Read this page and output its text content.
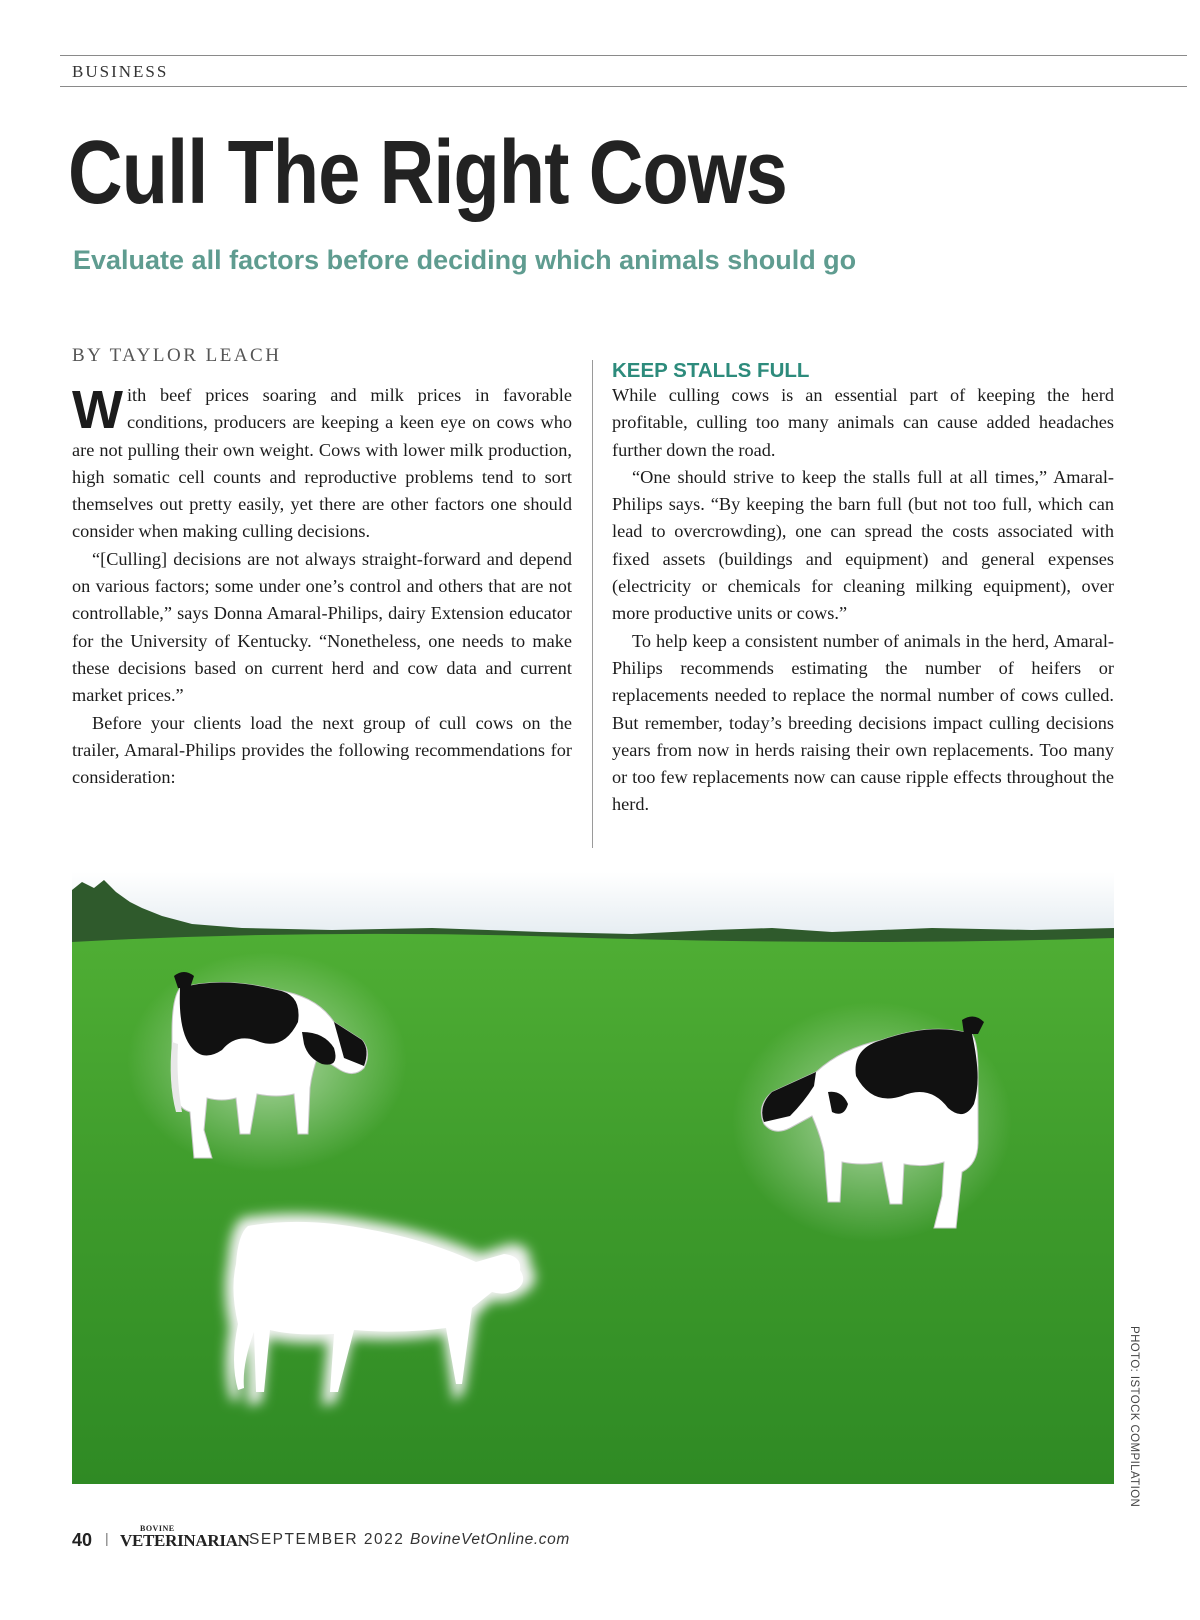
BUSINESS
Cull The Right Cows
Evaluate all factors before deciding which animals should go
BY TAYLOR LEACH

With beef prices soaring and milk prices in favorable conditions, producers are keeping a keen eye on cows who are not pulling their own weight. Cows with lower milk production, high somatic cell counts and reproductive problems tend to sort themselves out pretty easily, yet there are other factors one should consider when making culling decisions.

“[Culling] decisions are not always straight-forward and depend on various factors; some under one’s control and others that are not controllable,” says Donna Amaral-Philips, dairy Extension educator for the University of Kentucky. “Nonetheless, one needs to make these decisions based on current herd and cow data and current market prices.”

Before your clients load the next group of cull cows on the trailer, Amaral-Philips provides the following recommendations for consideration:

KEEP STALLS FULL

While culling cows is an essential part of keeping the herd profitable, culling too many animals can cause added headaches further down the road.

“One should strive to keep the stalls full at all times,” Amaral-Philips says. “By keeping the barn full (but not too full, which can lead to overcrowding), one can spread the costs associated with fixed assets (buildings and equipment) and general expenses (electricity or chemicals for cleaning milking equipment), over more productive units or cows.”

To help keep a consistent number of animals in the herd, Amaral-Philips recommends estimating the number of heifers or replacements needed to replace the normal number of cows culled. But remember, today’s breeding decisions impact culling decisions years from now in herds raising their own replacements. Too many or too few replacements now can cause ripple effects throughout the herd.

PHOTO: ISTOCK COMPILATION
40 |
BOVINE
VETERINARIAN SEPTEMBER 2022 BovineVetOnline.com
